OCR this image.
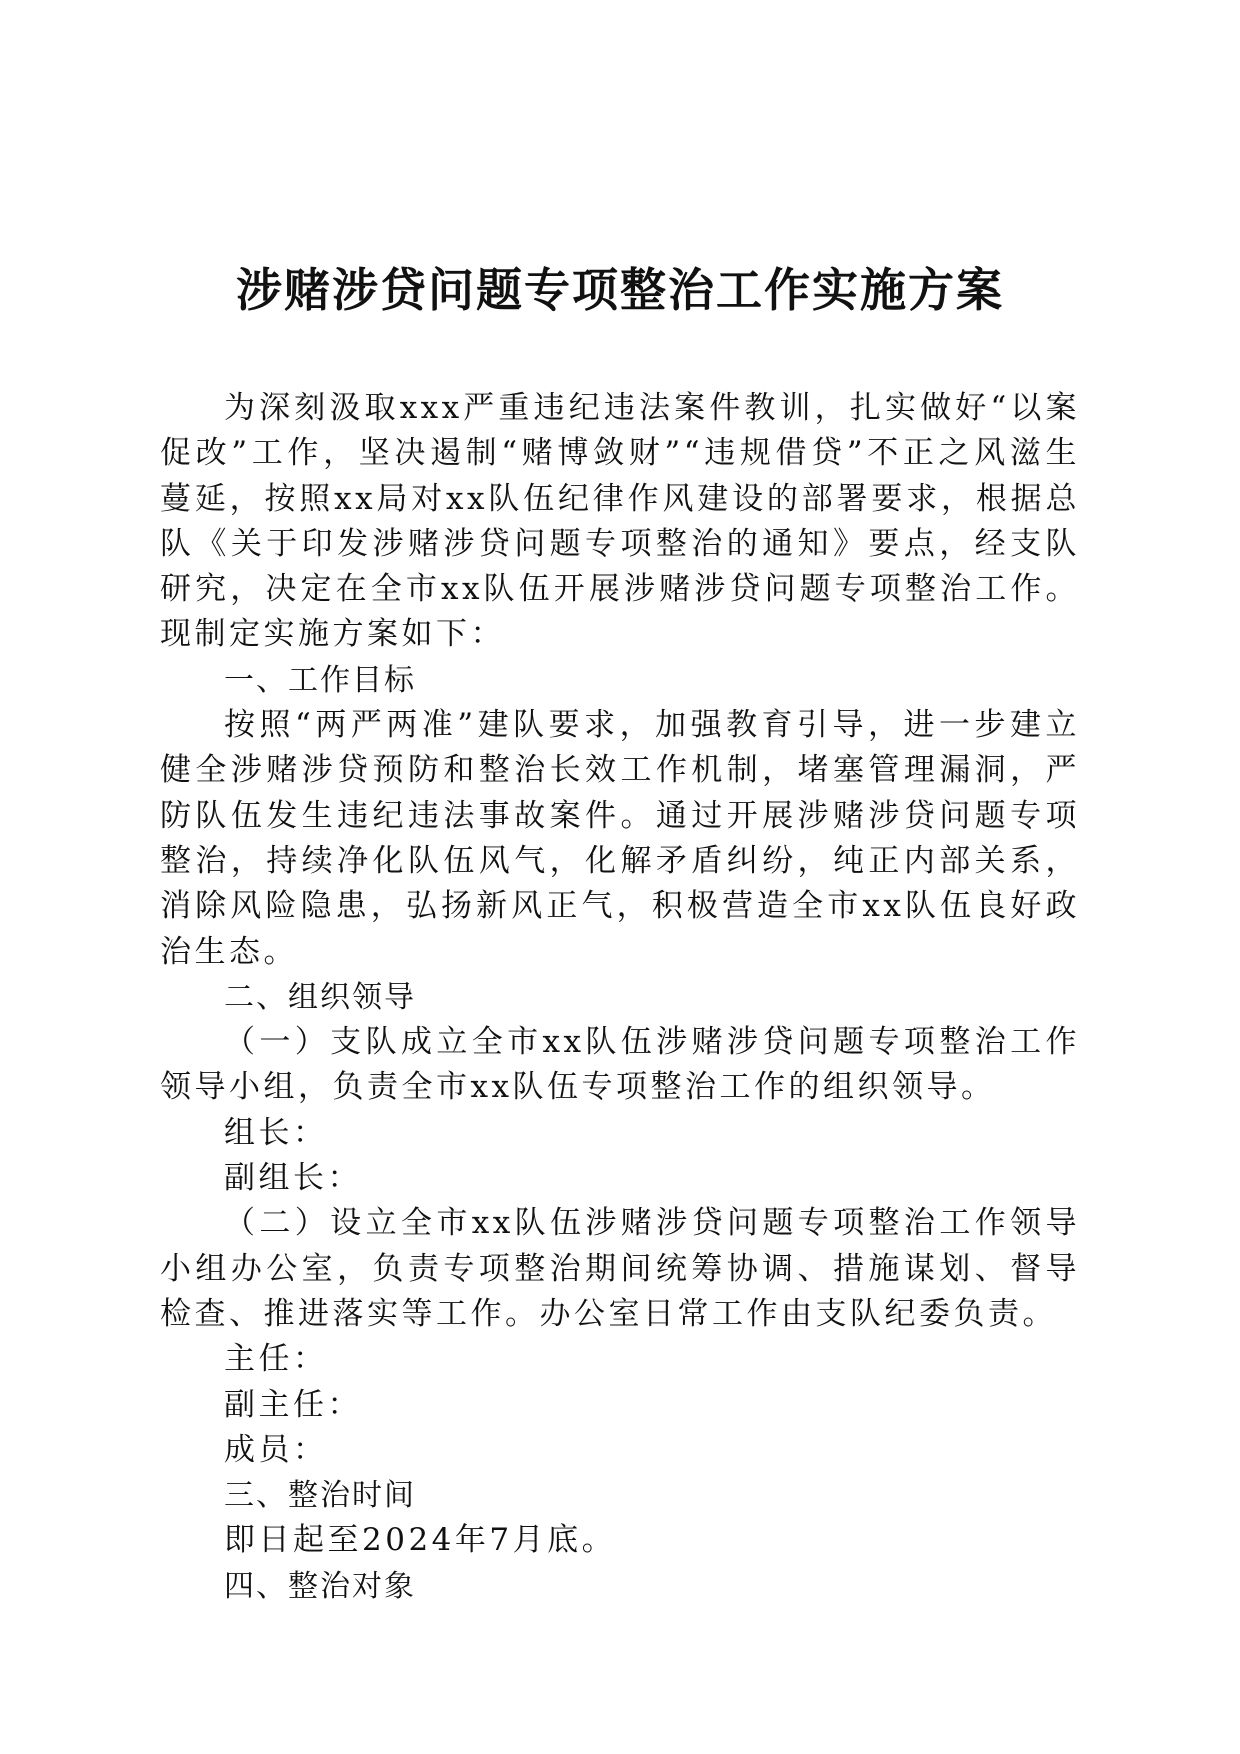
涉赌涉贷问题专项整治工作实施方案

为深刻汲取xxx严重违纪违法案件教训，扎实做好“以案促改”工作，坚决遏制“赌博敛财”“违规借贷”不正之风滋生蔓延，按照xx局对xx队伍纪律作风建设的部署要求，根据总队《关于印发涉赌涉贷问题专项整治的通知》要点，经支队研究，决定在全市xx队伍开展涉赌涉贷问题专项整治工作。现制定实施方案如下：

一、工作目标

按照“两严两准”建队要求，加强教育引导，进一步建立健全涉赌涉贷预防和整治长效工作机制，堵塞管理漏洞，严防队伍发生违纪违法事故案件。通过开展涉赌涉贷问题专项整治，持续净化队伍风气，化解矛盾纠纷，纯正内部关系，消除风险隐患，弘扬新风正气，积极营造全市xx队伍良好政治生态。

二、组织领导

（一）支队成立全市xx队伍涉赌涉贷问题专项整治工作领导小组，负责全市xx队伍专项整治工作的组织领导。

组长：

副组长：

（二）设立全市xx队伍涉赌涉贷问题专项整治工作领导小组办公室，负责专项整治期间统筹协调、措施谋划、督导检查、推进落实等工作。办公室日常工作由支队纪委负责。

主任：

副主任：

成员：

三、整治时间

即日起至2024年7月底。

四、整治对象
